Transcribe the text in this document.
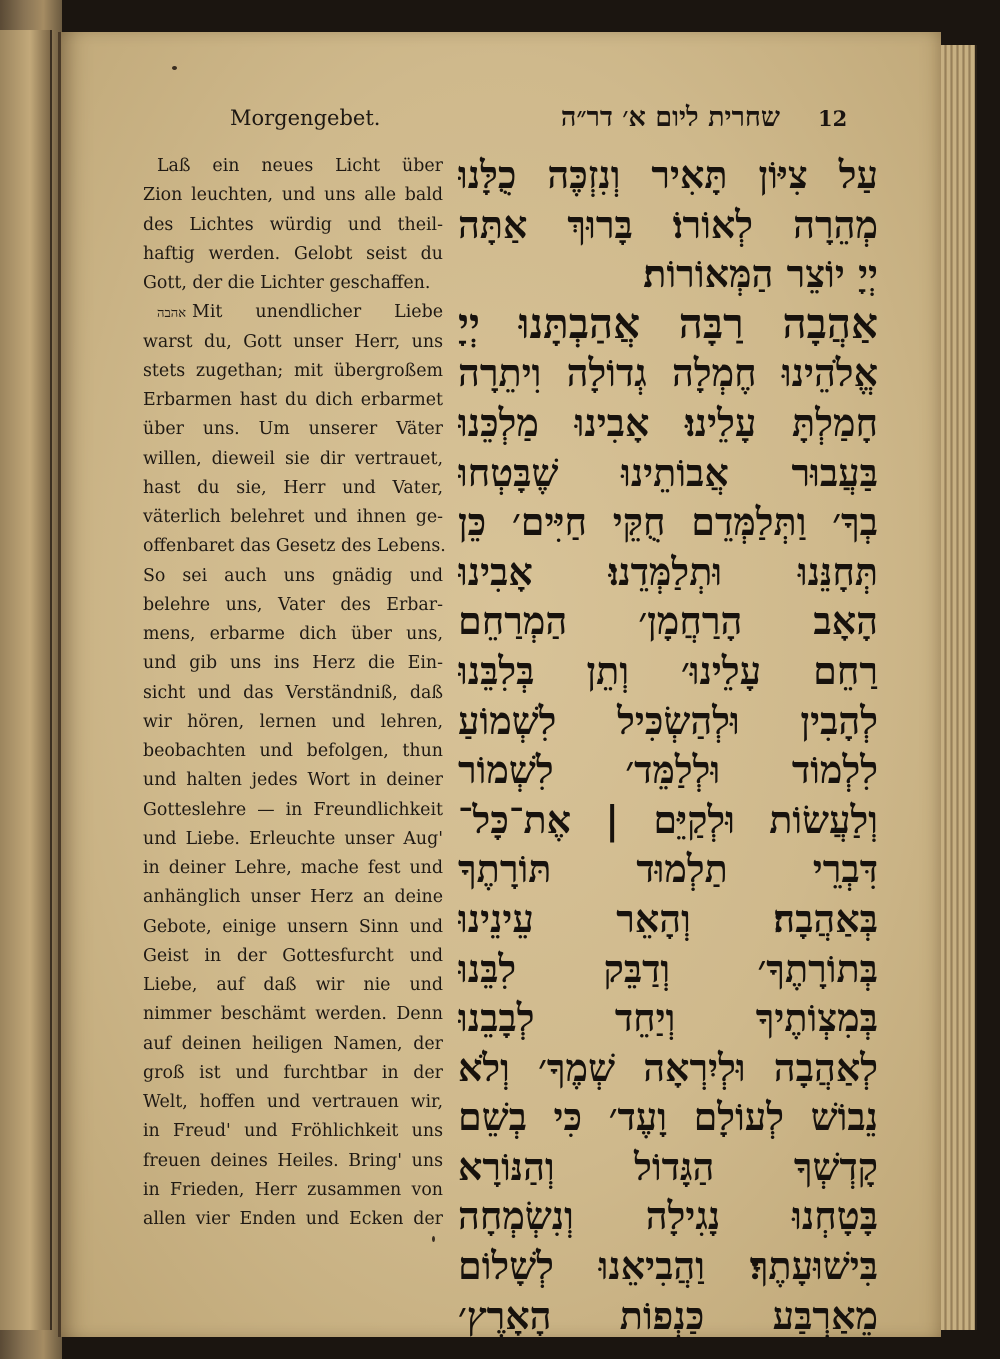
Morgengebet.	שחרית ליום א׳ דר״ה 12
Laß ein neues Licht über
Zion leuchten, und uns alle bald
des Lichtes würdig und theil-
haftig werden. Gelobt seist du
Gott, der die Lichter geschaffen.
אהבה Mit unendlicher Liebe
warst du, Gott unser Herr, uns
stets zugethan; mit übergroßem
Erbarmen hast du dich erbarmet
über uns. Um unserer Väter
willen, dieweil sie dir vertrauet,
hast du sie, Herr und Vater,
väterlich belehret und ihnen ge-
offenbaret das Gesetz des Lebens.
So sei auch uns gnädig und
belehre uns, Vater des Erbar-
mens, erbarme dich über uns,
und gib uns ins Herz die Ein-
sicht und das Verständniß, daß
wir hören, lernen und lehren,
beobachten und befolgen, thun
und halten jedes Wort in deiner
Gotteslehre — in Freundlichkeit
und Liebe. Erleuchte unser Aug'
in deiner Lehre, mache fest und
anhänglich unser Herz an deine
Gebote, einige unsern Sinn und
Geist in der Gottesfurcht und
Liebe, auf daß wir nie und
nimmer beschämt werden. Denn
auf deinen heiligen Namen, der
groß ist und furchtbar in der
Welt, hoffen und vertrauen wir,
in Freud' und Fröhlichkeit uns
freuen deines Heiles. Bring' uns
in Frieden, Herr zusammen von
allen vier Enden und Ecken der
עַל צִיּוֹן תָּאִיר וְנִזְכֶּה כֻלָּנוּ
מְהֵרָה לְאוֹרוֹ׃ בָּרוּךְ אַתָּה
יְיָ יוֹצֵר הַמְּאוֹרוֹת׃
אַהֲבָה רַבָּה אֲהַבְתָּנוּ יְיָ
אֱלֹהֵינוּ חֶמְלָה גְדוֹלָה וִיתֵרָה
חָמַלְתָּ עָלֵינוּ׃ אָבִינוּ מַלְכֵּנוּ
בַּעֲבוּר אֲבוֹתֵינוּ שֶׁבָּטְחוּ
בְךָ׳ וַתְּלַמְּדֵם חֻקֵּי חַיִּים׳ כֵּן
תְּחָנֵּנוּ וּתְלַמְּדֵנוּ׃ אָבִינוּ
הָאָב הָרַחֲמָן׳ הַמְרַחֵם
רַחֵם עָלֵינוּ׳ וְתֵן בְּלִבֵּנוּ
לְהָבִין וּלְהַשְׂכִּיל לִשְׁמוֹעַ
לִלְמוֹד וּלְלַמֵּד׳ לִשְׁמוֹר
וְלַעֲשׂוֹת וּלְקַיֵּם | אֶת־כָּל־
דִּבְרֵי תַלְמוּד תּוֹרָתֶךָ
בְּאַהֲבָה׃ וְהָאֵר עֵינֵינוּ
בְּתוֹרָתֶךָ׳ וְדַבֵּק לִבֵּנוּ
בְּמִצְוֹתֶיךָ וְיַחֵד לְבָבֵנוּ
לְאַהֲבָה וּלְיִרְאָה שְׁמֶךָ׳ וְלֹא
נֵבוֹשׁ לְעוֹלָם וָעֶד׳ כִּי בְשֵׁם
קָדְשְׁךָ הַגָּדוֹל וְהַנּוֹרָא
בָּטָחְנוּ נָגִילָה וְנִשְׂמְחָה
בִּישׁוּעָתֶךָ׃ וַהֲבִיאֵנוּ לְשָׁלוֹם
מֵאַרְבַּע כַּנְפוֹת הָאָרֶץ׳
